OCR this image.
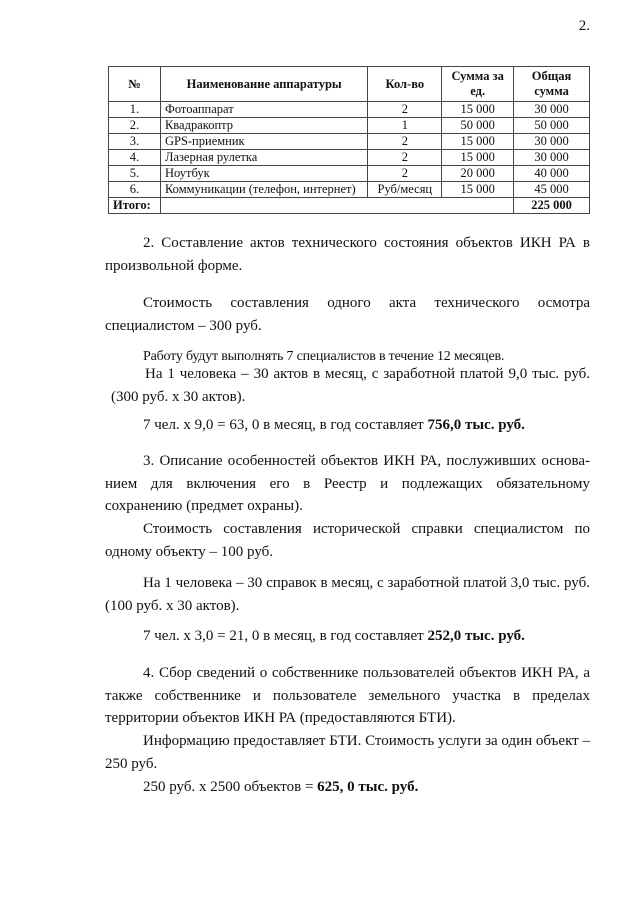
2.
№	Наименование аппаратуры	Кол-во	Сумма за ед.	Общая сумма
1.	Фотоаппарат	2	15 000	30 000
2.	Квадракоптр	1	50 000	50 000
3.	GPS-приемник	2	15 000	30 000
4.	Лазерная рулетка	2	15 000	30 000
5.	Ноутбук	2	20 000	40 000
6.	Коммуникации (телефон, интернет)	Руб/месяц	15 000	45 000
Итого:				225 000
2. Составление актов технического состояния объектов ИКН РА в произвольной форме.
Стоимость составления одного акта технического осмотра специалистом – 300 руб.
Работу будут выполнять 7 специалистов в течение 12 месяцев.
На 1 человека – 30 актов в месяц, с заработной платой 9,0 тыс. руб. (300 руб. х 30 актов).
7 чел. х 9,0 = 63, 0 в месяц, в год составляет 756,0 тыс. руб.
3. Описание особенностей объектов ИКН РА, послуживших основа-нием для включения его в Реестр и подлежащих обязательному сохранению (предмет охраны).
Стоимость составления исторической справки специалистом по одному объекту – 100 руб.
На 1 человека – 30 справок в месяц, с заработной платой 3,0 тыс. руб. (100 руб. х 30 актов).
7 чел. х 3,0 = 21, 0 в месяц, в год составляет 252,0 тыс. руб.
4. Сбор сведений о собственнике пользователей объектов ИКН РА, а также собственнике и пользователе земельного участка в пределах территории объектов ИКН РА (предоставляются БТИ).
Информацию предоставляет БТИ. Стоимость услуги за один объект – 250 руб.
250 руб. х 2500 объектов = 625, 0 тыс. руб.
